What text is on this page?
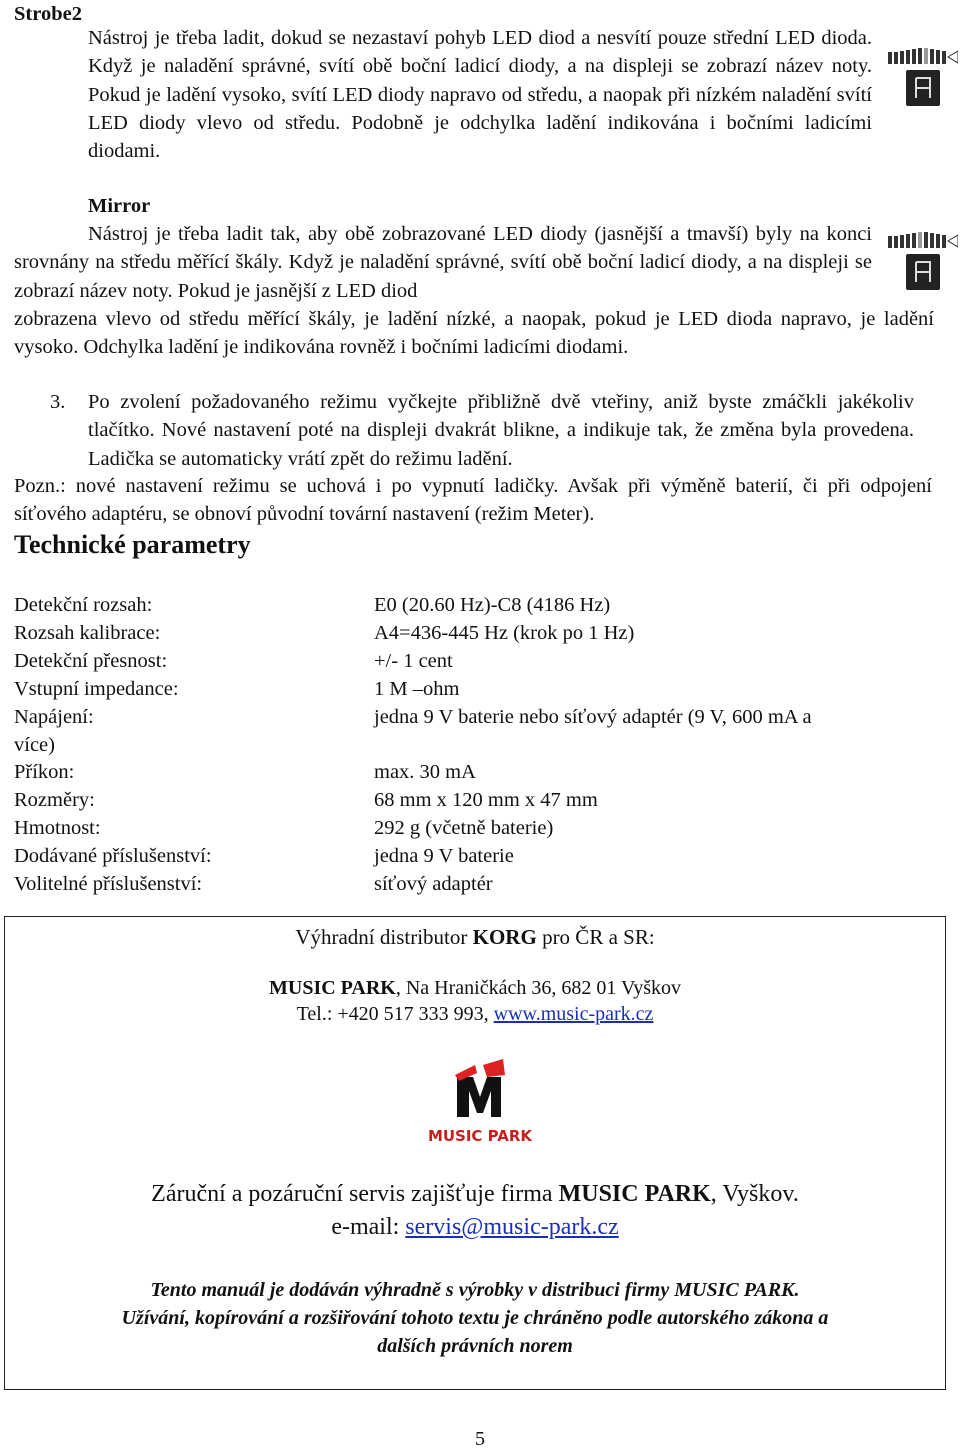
Strobe2
Nástroj je třeba ladit, dokud se nezastaví pohyb LED diod a nesvítí pouze střední LED dioda. Když je naladění správné, svítí obě boční ladicí diody, a na displeji se zobrazí název noty. Pokud je ladění vysoko, svítí LED diody napravo od středu, a naopak při nízkém naladění svítí LED diody vlevo od středu. Podobně je odchylka ladění indikována i bočními ladicími diodami.
Mirror
Nástroj je třeba ladit tak, aby obě zobrazované LED diody (jasnější a tmavší) byly na konci srovnány na středu měřící škály. Když je naladění správné, svítí obě boční ladicí diody, a na displeji se zobrazí název noty. Pokud je jasnější z LED diod
zobrazena vlevo od středu měřící škály, je ladění nízké, a naopak, pokud je LED dioda napravo, je ladění vysoko. Odchylka ladění je indikována rovněž i bočními ladicími diodami.
3.	Po zvolení požadovaného režimu vyčkejte přibližně dvě vteřiny, aniž byste zmáčkli jakékoliv tlačítko. Nové nastavení poté na displeji dvakrát blikne, a indikuje tak, že změna byla provedena. Ladička se automaticky vrátí zpět do režimu ladění.
Pozn.: nové nastavení režimu se uchová i po vypnutí ladičky. Avšak při výměně baterií, či při odpojení síťového adaptéru, se obnoví původní tovární nastavení (režim Meter).
Technické parametry
Detekční rozsah:	E0 (20.60 Hz)-C8 (4186 Hz)
Rozsah kalibrace:	A4=436-445 Hz (krok po 1 Hz)
Detekční přesnost:	+/- 1 cent
Vstupní impedance:	1 M –ohm
Napájení:	jedna 9 V baterie nebo síťový adaptér (9 V, 600 mA a
více)	
Příkon:	max. 30 mA
Rozměry:	68 mm x 120 mm x 47 mm
Hmotnost:	292 g (včetně baterie)
Dodávané příslušenství:	jedna 9 V baterie
Volitelné příslušenství:	síťový adaptér
Výhradní distributor KORG pro ČR a SR:
MUSIC PARK, Na Hraničkách 36, 682 01 Vyškov
Tel.: +420 517 333 993, www.music-park.cz
MUSIC PARK
Záruční a pozáruční servis zajišťuje firma MUSIC PARK, Vyškov.
e-mail: servis@music-park.cz
Tento manuál je dodáván výhradně s výrobky v distribuci firmy MUSIC PARK.
Užívání, kopírování a rozšiřování tohoto textu je chráněno podle autorského zákona a
dalších právních norem
5
